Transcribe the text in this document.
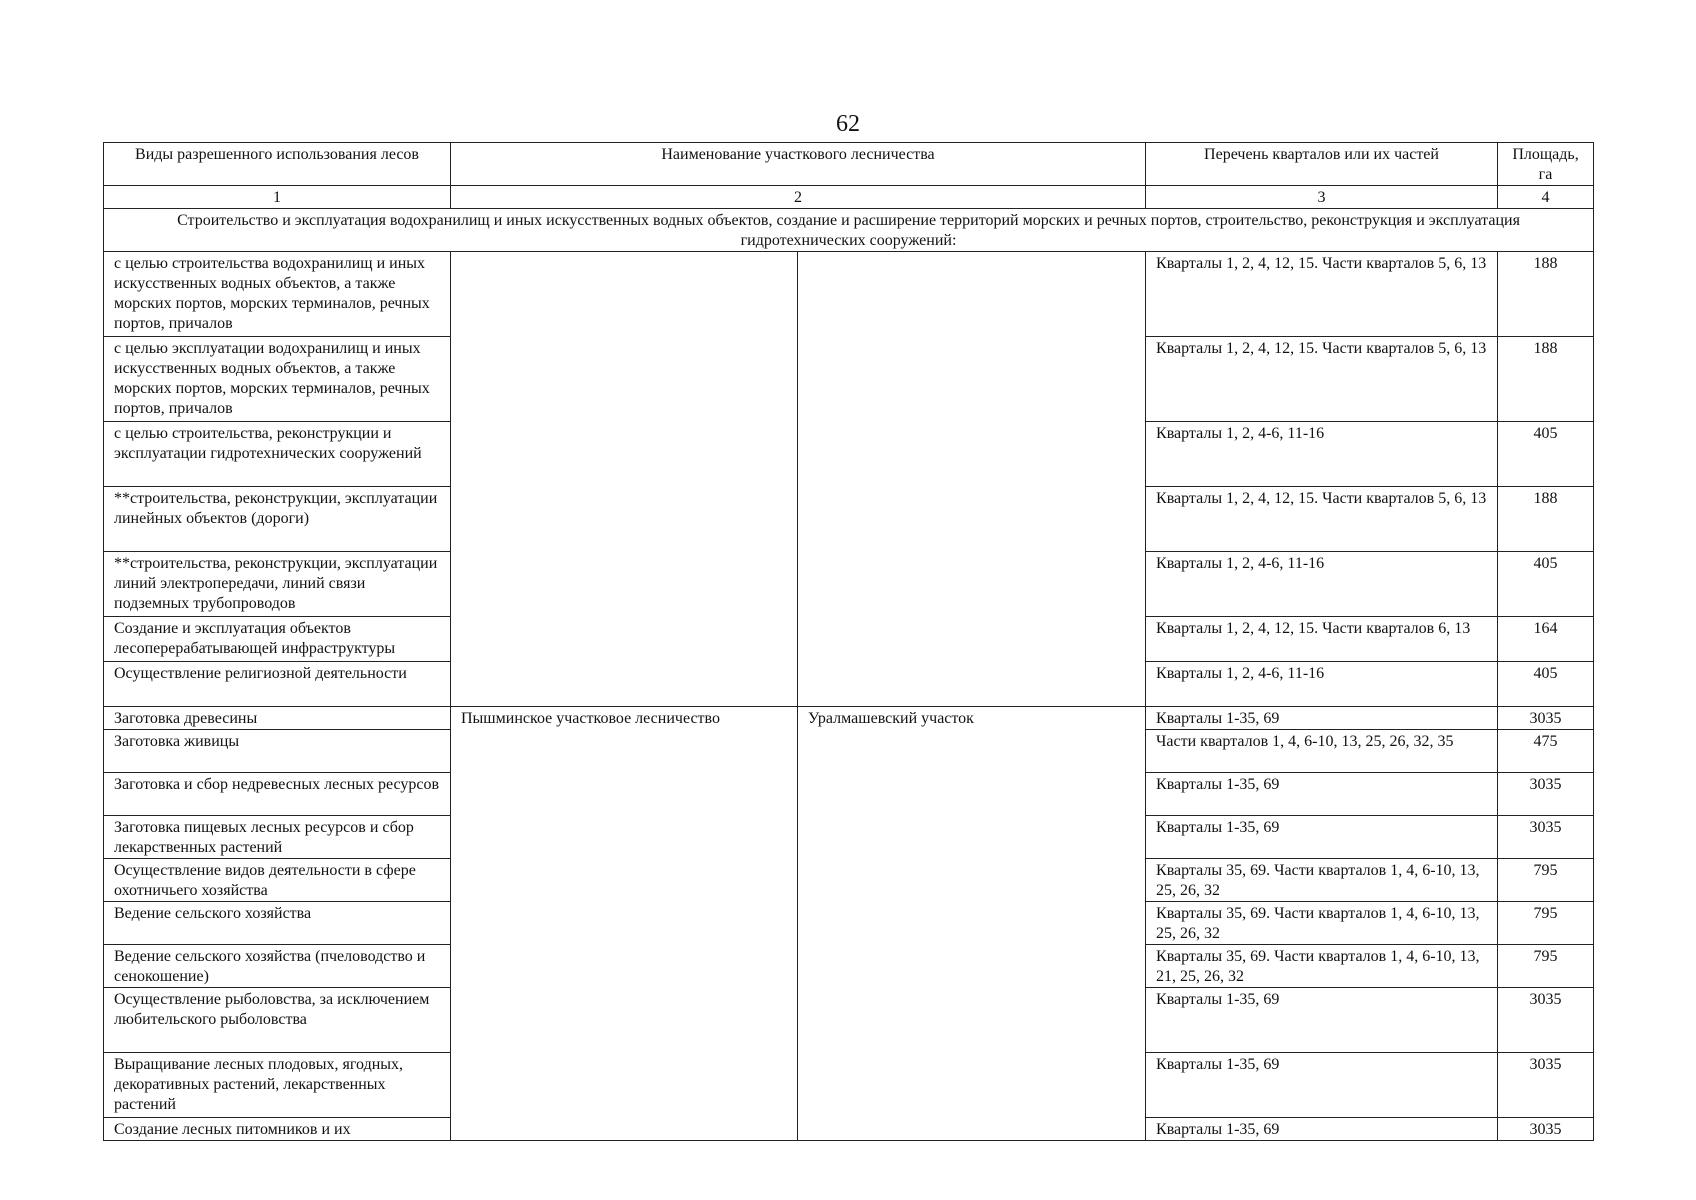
62
Виды разрешенного использования лесов	Наименование участкового лесничества		Перечень кварталов или их частей	Площадь, га
1	2		3	4
Строительство и эксплуатация водохранилищ и иных искусственных водных объектов, создание и расширение территорий морских и речных портов, строительство, реконструкция и эксплуатация гидротехнических сооружений:				
с целью строительства водохранилищ и иных искусственных водных объектов, а также морских портов, морских терминалов, речных портов, причалов			Кварталы 1, 2, 4, 12, 15. Части кварталов 5, 6, 13	188
с целью эксплуатации водохранилищ и иных искусственных водных объектов, а также морских портов, морских терминалов, речных портов, причалов			Кварталы 1, 2, 4, 12, 15. Части кварталов 5, 6, 13	188
с целью строительства, реконструкции и эксплуатации гидротехнических сооружений			Кварталы 1, 2, 4-6, 11-16	405
**строительства, реконструкции, эксплуатации линейных объектов (дороги)			Кварталы 1, 2, 4, 12, 15. Части кварталов 5, 6, 13	188
**строительства, реконструкции, эксплуатации линий электропередачи, линий связи подземных трубопроводов			Кварталы 1, 2, 4-6, 11-16	405
Создание и эксплуатация объектов лесоперерабатывающей инфраструктуры			Кварталы 1, 2, 4, 12, 15. Части кварталов 6, 13	164
Осуществление религиозной деятельности			Кварталы 1, 2, 4-6, 11-16	405
Заготовка древесины	Пышминское участковое лесничество	Уралмашевский участок	Кварталы 1-35, 69	3035
Заготовка живицы			Части кварталов 1, 4, 6-10, 13, 25, 26, 32, 35	475
Заготовка и сбор недревесных лесных ресурсов			Кварталы 1-35, 69	3035
Заготовка пищевых лесных ресурсов и сбор лекарственных растений			Кварталы 1-35, 69	3035
Осуществление видов деятельности в сфере охотничьего хозяйства			Кварталы 35, 69. Части кварталов 1, 4, 6-10, 13, 25, 26, 32	795
Ведение сельского хозяйства			Кварталы 35, 69. Части кварталов 1, 4, 6-10, 13, 25, 26, 32	795
Ведение сельского хозяйства (пчеловодство и сенокошение)			Кварталы 35, 69. Части кварталов 1, 4, 6-10, 13, 21, 25, 26, 32	795
Осуществление рыболовства, за исключением любительского рыболовства			Кварталы 1-35, 69	3035
Выращивание лесных плодовых, ягодных, декоративных растений, лекарственных растений			Кварталы 1-35, 69	3035
Создание лесных питомников и их			Кварталы 1-35, 69	3035
